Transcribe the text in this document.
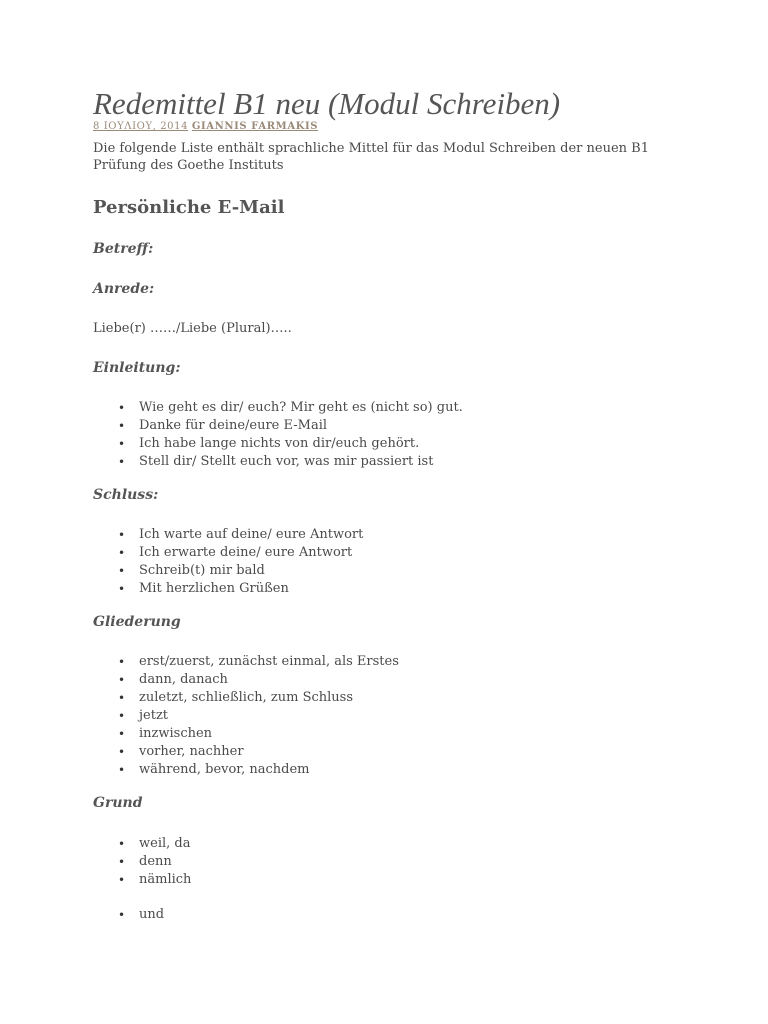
Redemittel B1 neu (Modul Schreiben)
8 ΙΟΥΛΙΟΥ, 2014 GIANNIS FARMAKIS
Die folgende Liste enthält sprachliche Mittel für das Modul Schreiben der neuen B1 Prüfung des Goethe Instituts
Persönliche E-Mail
Betreff:
Anrede:
Liebe(r) ……/Liebe (Plural)…..
Einleitung:
• Wie geht es dir/ euch? Mir geht es (nicht so) gut.
• Danke für deine/eure E-Mail
• Ich habe lange nichts von dir/euch gehört.
• Stell dir/ Stellt euch vor, was mir passiert ist
Schluss:
• Ich warte auf deine/ eure Antwort
• Ich erwarte deine/ eure Antwort
• Schreib(t) mir bald
• Mit herzlichen Grüßen
Gliederung
• erst/zuerst, zunächst einmal, als Erstes
• dann, danach
• zuletzt, schließlich, zum Schluss
• jetzt
• inzwischen
• vorher, nachher
• während, bevor, nachdem
Grund
• weil, da
• denn
• nämlich
• und
